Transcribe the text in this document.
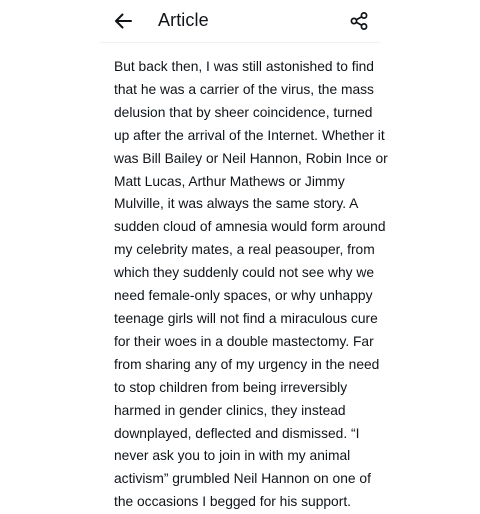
Article
But back then, I was still astonished to find
that he was a carrier of the virus, the mass
delusion that by sheer coincidence, turned
up after the arrival of the Internet. Whether it
was Bill Bailey or Neil Hannon, Robin Ince or
Matt Lucas, Arthur Mathews or Jimmy
Mulville, it was always the same story. A
sudden cloud of amnesia would form around
my celebrity mates, a real peasouper, from
which they suddenly could not see why we
need female-only spaces, or why unhappy
teenage girls will not find a miraculous cure
for their woes in a double mastectomy. Far
from sharing any of my urgency in the need
to stop children from being irreversibly
harmed in gender clinics, they instead
downplayed, deflected and dismissed. “I
never ask you to join in with my animal
activism” grumbled Neil Hannon on one of
the occasions I begged for his support.
